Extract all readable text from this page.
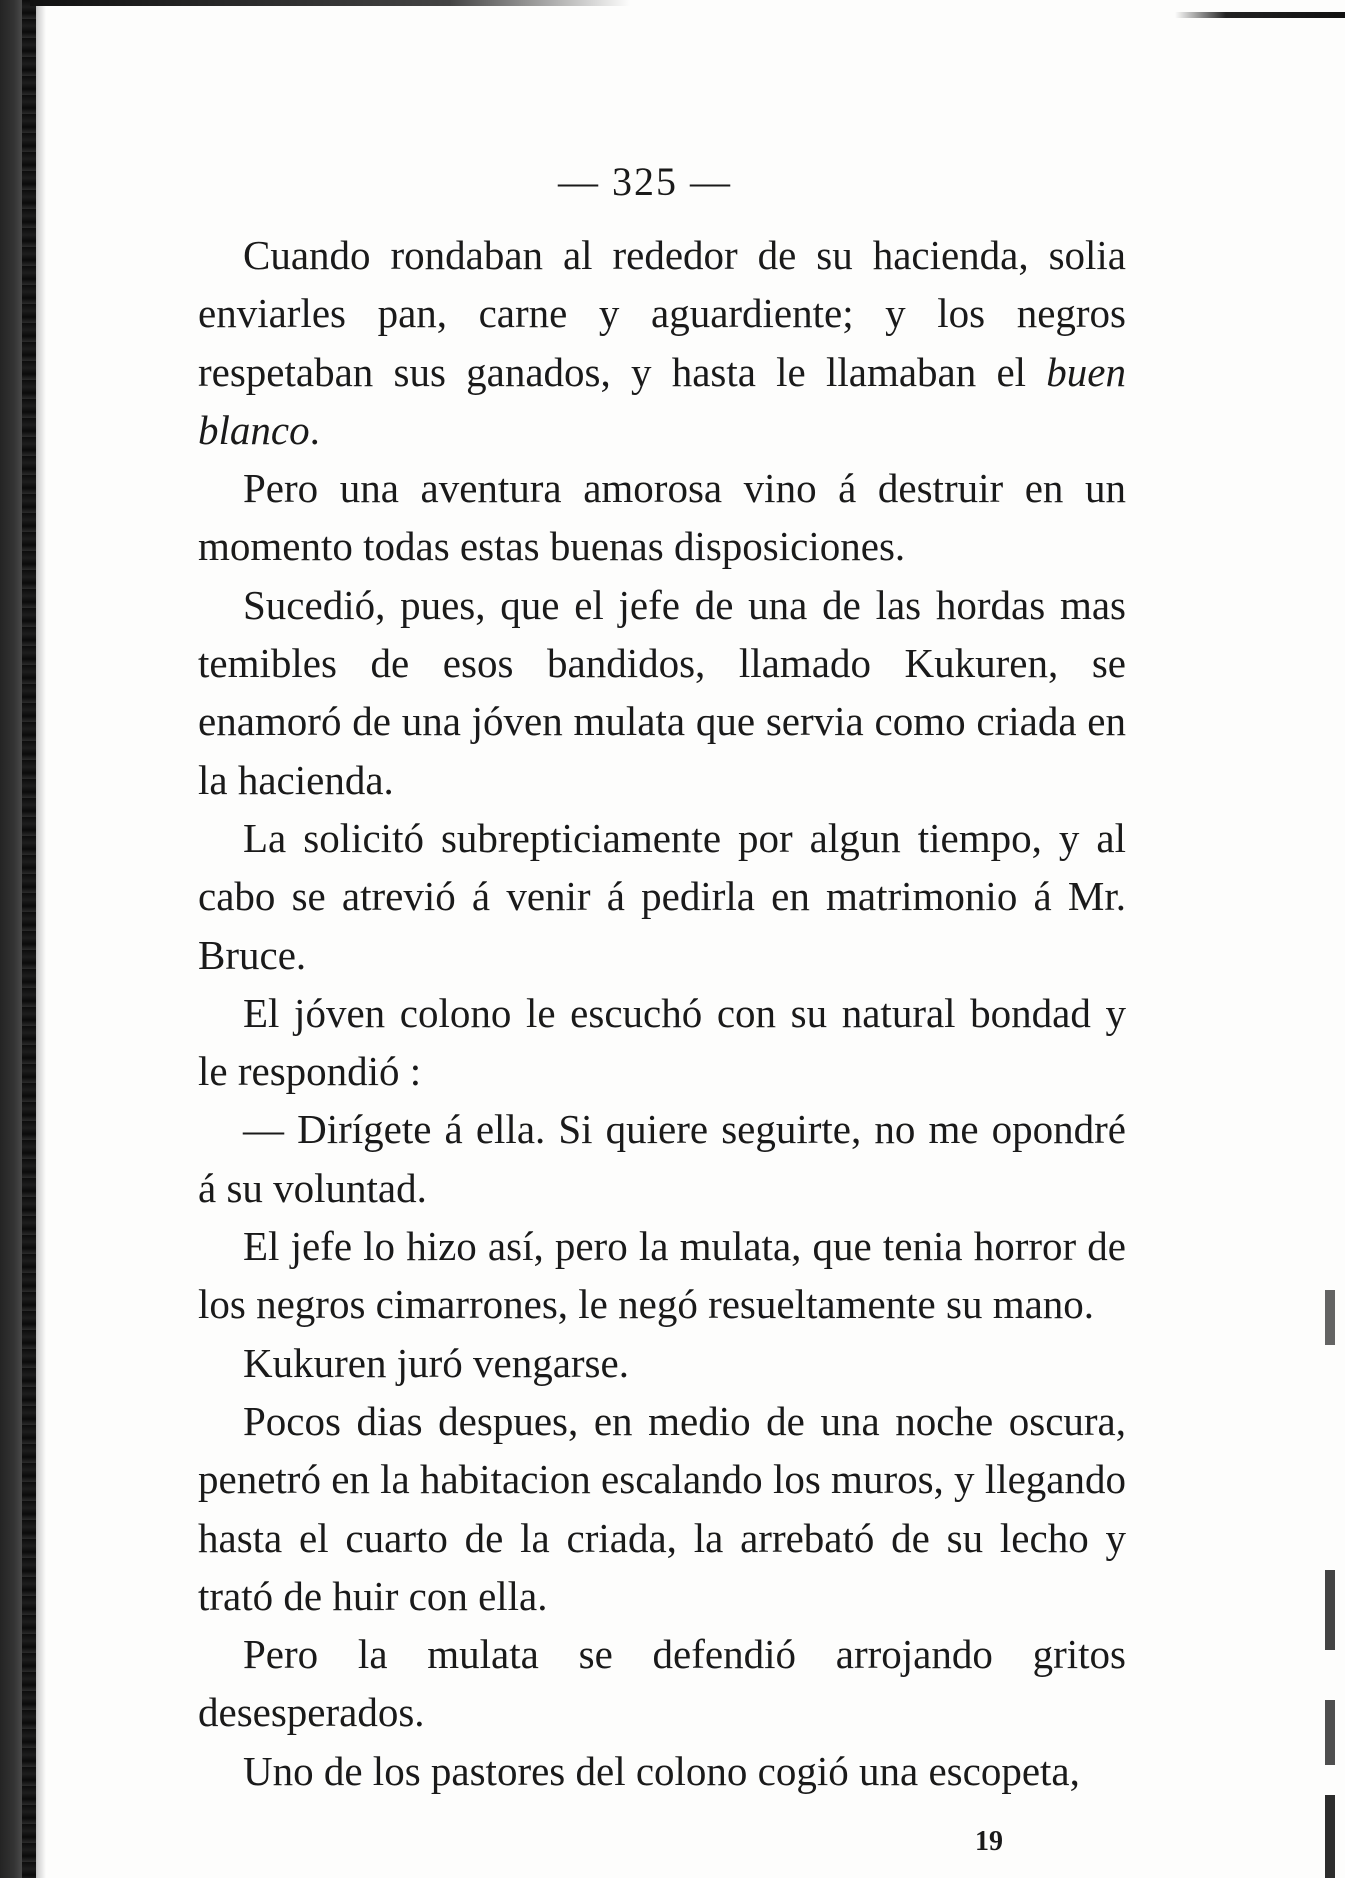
— 325 —

Cuando rondaban al rededor de su hacienda, solia enviarles pan, carne y aguardiente; y los negros respetaban sus ganados, y hasta le llamaban el buen blanco.

Pero una aventura amorosa vino á destruir en un momento todas estas buenas disposiciones.

Sucedió, pues, que el jefe de una de las hordas mas temibles de esos bandidos, llamado Kukuren, se enamoró de una jóven mulata que servia como criada en la hacienda.

La solicitó subrepticiamente por algun tiempo, y al cabo se atrevió á venir á pedirla en matrimonio á Mr. Bruce.

El jóven colono le escuchó con su natural bondad y le respondió :

— Dirígete á ella. Si quiere seguirte, no me opondré á su voluntad.

El jefe lo hizo así, pero la mulata, que tenia horror de los negros cimarrones, le negó resueltamente su mano.

Kukuren juró vengarse.

Pocos dias despues, en medio de una noche oscura, penetró en la habitacion escalando los muros, y llegando hasta el cuarto de la criada, la arrebató de su lecho y trató de huir con ella.

Pero la mulata se defendió arrojando gritos desesperados.

Uno de los pastores del colono cogió una escopeta,

19
